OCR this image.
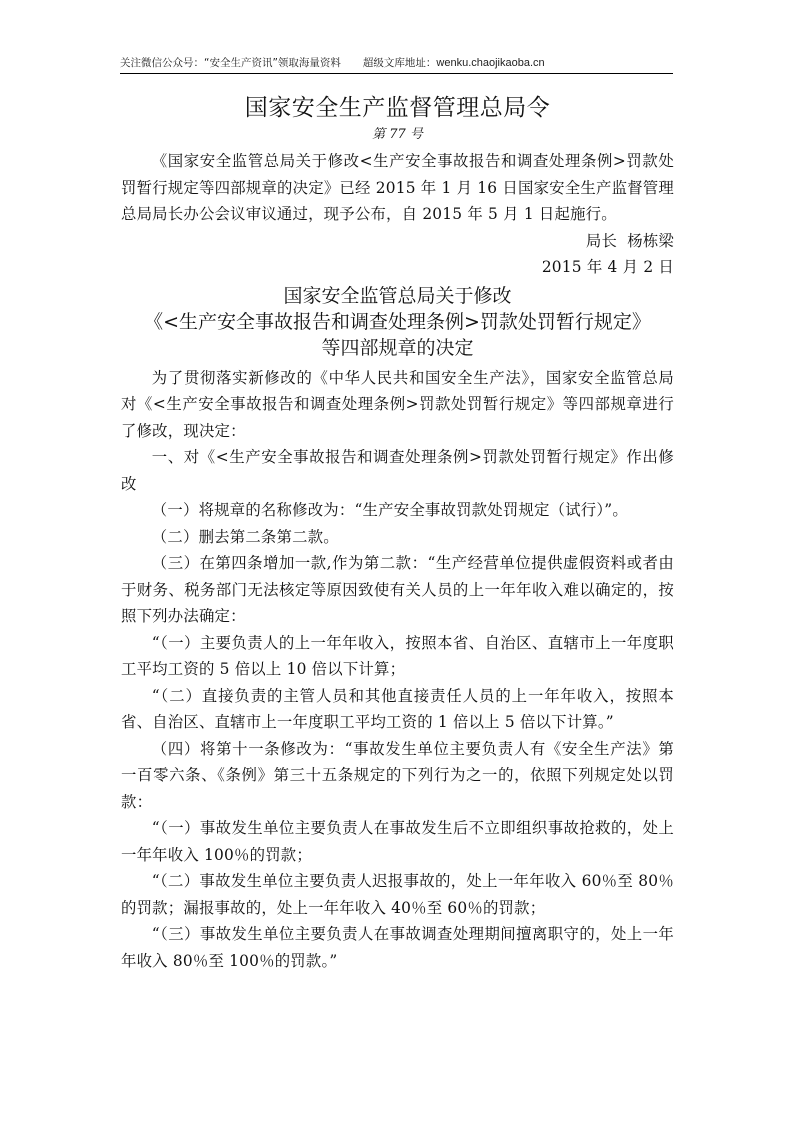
关注微信公众号：“安全生产资讯”领取海量资料 超级文库地址：wenku.chaojikaoba.cn
国家安全生产监督管理总局令
第 77 号

《国家安全监管总局关于修改<生产安全事故报告和调查处理条例>罚款处罚暂行规定等四部规章的决定》已经 2015 年 1 月 16 日国家安全生产监督管理总局局长办公会议审议通过，现予公布，自 2015 年 5 月 1 日起施行。

局长  杨栋梁

2015 年 4 月 2 日

国家安全监管总局关于修改
《<生产安全事故报告和调查处理条例>罚款处罚暂行规定》
等四部规章的决定

为了贯彻落实新修改的《中华人民共和国安全生产法》，国家安全监管总局对《<生产安全事故报告和调查处理条例>罚款处罚暂行规定》等四部规章进行了修改，现决定：

一、对《<生产安全事故报告和调查处理条例>罚款处罚暂行规定》作出修改

（一）将规章的名称修改为：“生产安全事故罚款处罚规定（试行）”。

（二）删去第二条第二款。

（三）在第四条增加一款,作为第二款：“生产经营单位提供虚假资料或者由于财务、税务部门无法核定等原因致使有关人员的上一年年收入难以确定的，按照下列办法确定：

“（一）主要负责人的上一年年收入，按照本省、自治区、直辖市上一年度职工平均工资的 5 倍以上 10 倍以下计算；

“（二）直接负责的主管人员和其他直接责任人员的上一年年收入，按照本省、自治区、直辖市上一年度职工平均工资的 1 倍以上 5 倍以下计算。”

（四）将第十一条修改为：“事故发生单位主要负责人有《安全生产法》第一百零六条、《条例》第三十五条规定的下列行为之一的，依照下列规定处以罚款：

“（一）事故发生单位主要负责人在事故发生后不立即组织事故抢救的，处上一年年收入 100％的罚款；

“（二）事故发生单位主要负责人迟报事故的，处上一年年收入 60％至 80％的罚款；漏报事故的，处上一年年收入 40％至 60％的罚款；

“（三）事故发生单位主要负责人在事故调查处理期间擅离职守的，处上一年年收入 80％至 100％的罚款。”
